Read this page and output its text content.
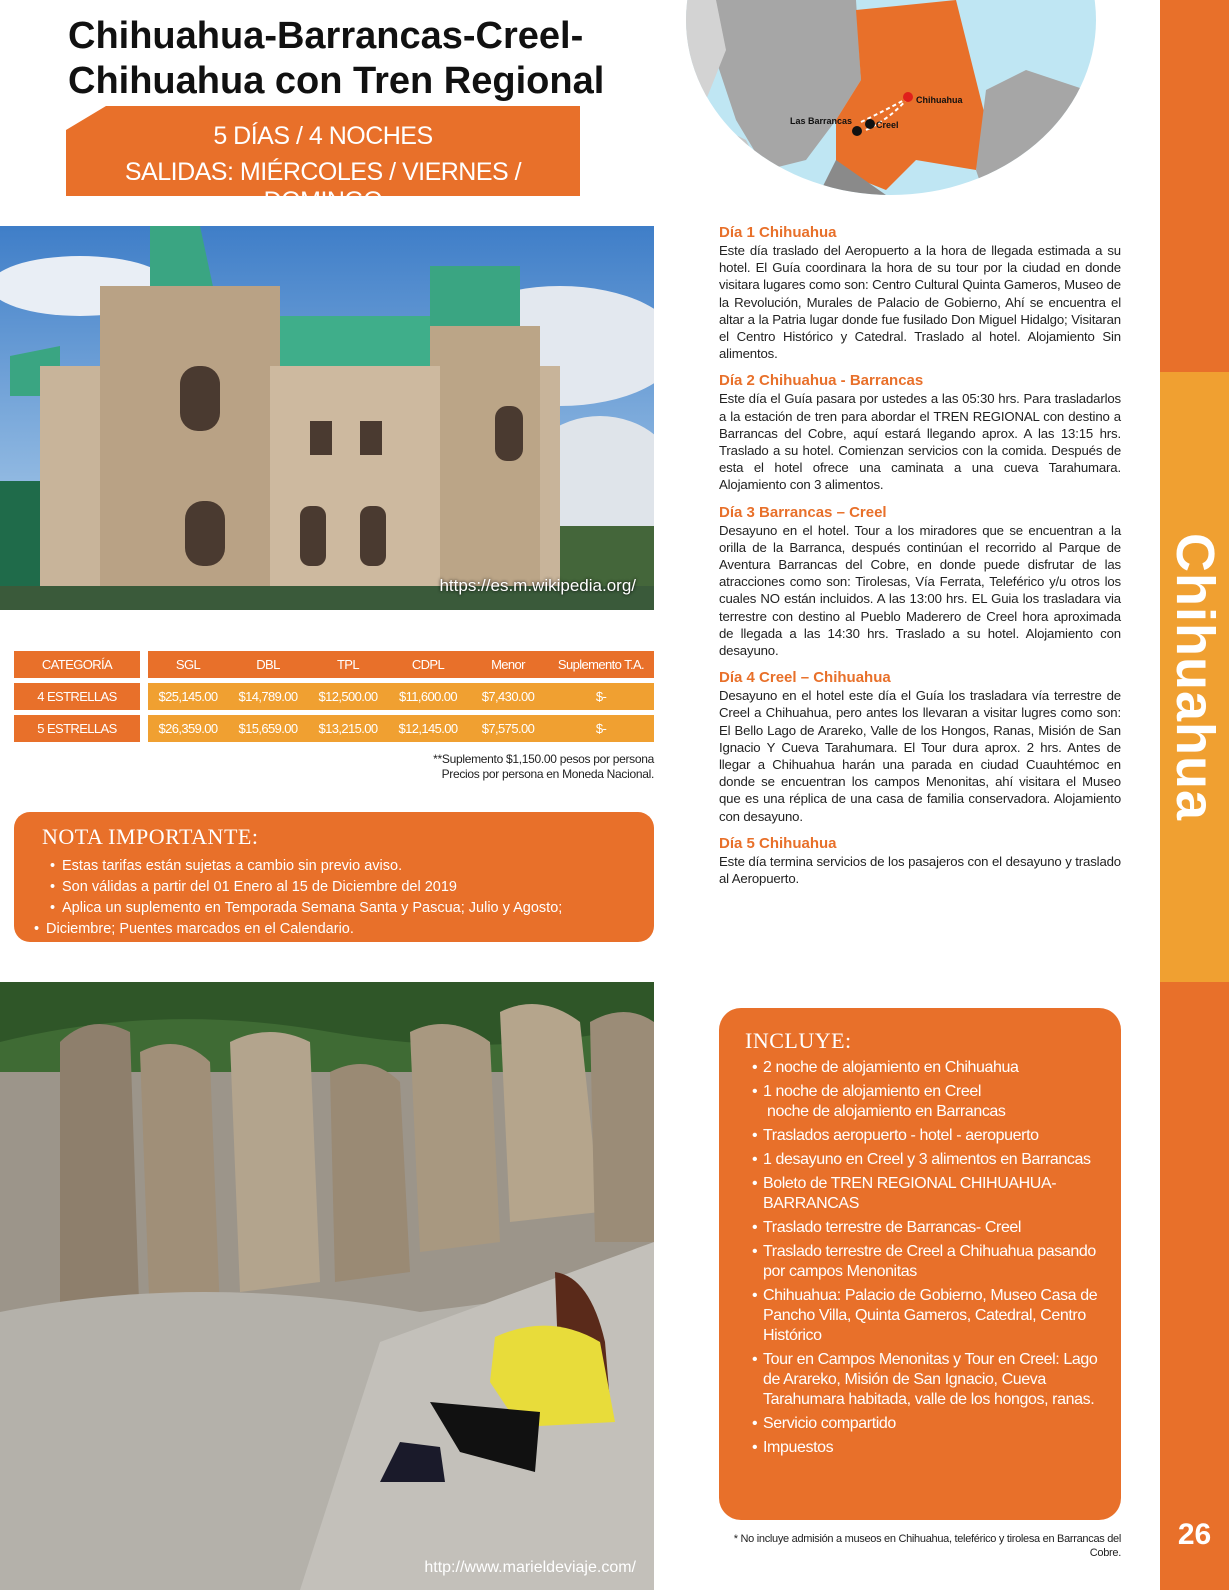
Chihuahua
26
Chihuahua-Barrancas-Creel-
Chihuahua con Tren Regional
5 DÍAS / 4 NOCHES
SALIDAS: MIÉRCOLES / VIERNES / DOMINGO
Chihuahua
Las Barrancas	Creel
https://es.m.wikipedia.org/
CATEGORÍA	SGL	DBL	TPL	CDPL	Menor	Suplemento T.A.
4 ESTRELLAS	$25,145.00	$14,789.00	$12,500.00	$11,600.00	$7,430.00	$-
5 ESTRELLAS	$26,359.00	$15,659.00	$13,215.00	$12,145.00	$7,575.00	$-
**Suplemento $1,150.00 pesos por persona
Precios por persona en Moneda Nacional.
NOTA IMPORTANTE:
• Estas tarifas están sujetas a cambio sin previo aviso.
• Son válidas a partir del 01 Enero al 15 de Diciembre del 2019
• Aplica un suplemento en Temporada Semana Santa y Pascua; Julio y Agosto;
• Diciembre; Puentes marcados en el Calendario.
http://www.marieldeviaje.com/
Día 1 Chihuahua
Este día traslado del Aeropuerto a la hora de llegada estimada a su hotel. El Guía coordinara la hora de su tour por la ciudad en donde visitara lugares como son: Centro Cultural Quinta Gameros, Museo de la Revolución, Murales de Palacio de Gobierno, Ahí se encuentra el altar a la Patria lugar donde fue fusilado Don Miguel Hidalgo; Visitaran el Centro Histórico y Catedral. Traslado al hotel. Alojamiento Sin alimentos.
Día 2 Chihuahua - Barrancas
Este día el Guía pasara por ustedes a las 05:30 hrs. Para trasladarlos a la estación de tren para abordar el TREN REGIONAL con destino a Barrancas del Cobre, aquí estará llegando aprox. A las 13:15 hrs. Traslado a su hotel. Comienzan servicios con la comida. Después de esta el hotel ofrece una caminata a una cueva Tarahumara. Alojamiento con 3 alimentos.
Día 3 Barrancas – Creel
Desayuno en el hotel. Tour a los miradores que se encuentran a la orilla de la Barranca, después continúan el recorrido al Parque de Aventura Barrancas del Cobre, en donde puede disfrutar de las atracciones como son: Tirolesas, Vía Ferrata, Teleférico y/u otros los cuales NO están incluidos. A las 13:00 hrs. EL Guia los trasladara via terrestre con destino al Pueblo Maderero de Creel hora aproximada de llegada a las 14:30 hrs. Traslado a su hotel. Alojamiento con desayuno.
Día 4 Creel – Chihuahua
Desayuno en el hotel este día el Guía los trasladara vía terrestre de Creel a Chihuahua, pero antes los llevaran a visitar lugres como son: El Bello Lago de Arareko, Valle de los Hongos, Ranas, Misión de San Ignacio Y Cueva Tarahumara. El Tour dura aprox. 2 hrs. Antes de llegar a Chihuahua harán una parada en ciudad Cuauhtémoc en donde se encuentran los campos Menonitas, ahí visitara el Museo que es una réplica de una casa de familia conservadora. Alojamiento con desayuno.
Día 5 Chihuahua
Este día termina servicios de los pasajeros con el desayuno y traslado al Aeropuerto.
INCLUYE:
• 2 noche de alojamiento en Chihuahua
• 1 noche de alojamiento en Creel
noche de alojamiento en Barrancas
• Traslados aeropuerto - hotel - aeropuerto
• 1 desayuno en Creel y 3 alimentos en Barrancas
• Boleto de TREN REGIONAL CHIHUAHUA-BARRANCAS
• Traslado terrestre de Barrancas- Creel
• Traslado terrestre de Creel a Chihuahua pasando por campos Menonitas
• Chihuahua: Palacio de Gobierno, Museo Casa de Pancho Villa, Quinta Gameros, Catedral, Centro Histórico
• Tour en Campos Menonitas y Tour en Creel: Lago de Arareko, Misión de San Ignacio, Cueva Tarahumara habitada, valle de los hongos, ranas.
• Servicio compartido
• Impuestos
* No incluye admisión a museos en Chihuahua, teleférico y tirolesa en Barrancas del Cobre.
